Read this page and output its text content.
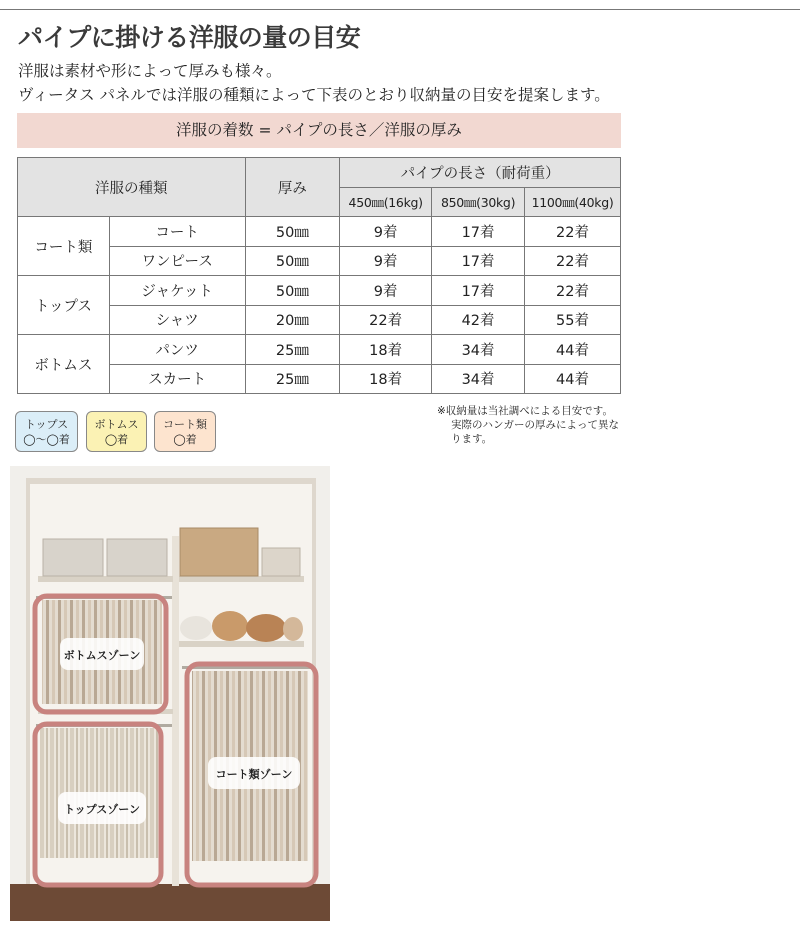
パイプに掛ける洋服の量の目安
洋服は素材や形によって厚みも様々。
ヴィータス パネルでは洋服の種類によって下表のとおり収納量の目安を提案します。
洋服の着数 = パイプの長さ／洋服の厚み
洋服の種類		厚み	パイプの長さ（耐荷重）		
			450㎜(16kg)	850㎜(30kg)	1100㎜(40kg)
コート類	コート	50㎜	9着	17着	22着
	ワンピース	50㎜	9着	17着	22着
トップス	ジャケット	50㎜	9着	17着	22着
	シャツ	20㎜	22着	42着	55着
ボトムス	パンツ	25㎜	18着	34着	44着
	スカート	25㎜	18着	34着	44着
トップス
◯〜◯着
ボトムス
◯着
コート類
◯着
※収納量は当社調べによる目安です。
実際のハンガーの厚みによって異な
ります。
ボトムスゾーン
トップスゾーン
コート類ゾーン
